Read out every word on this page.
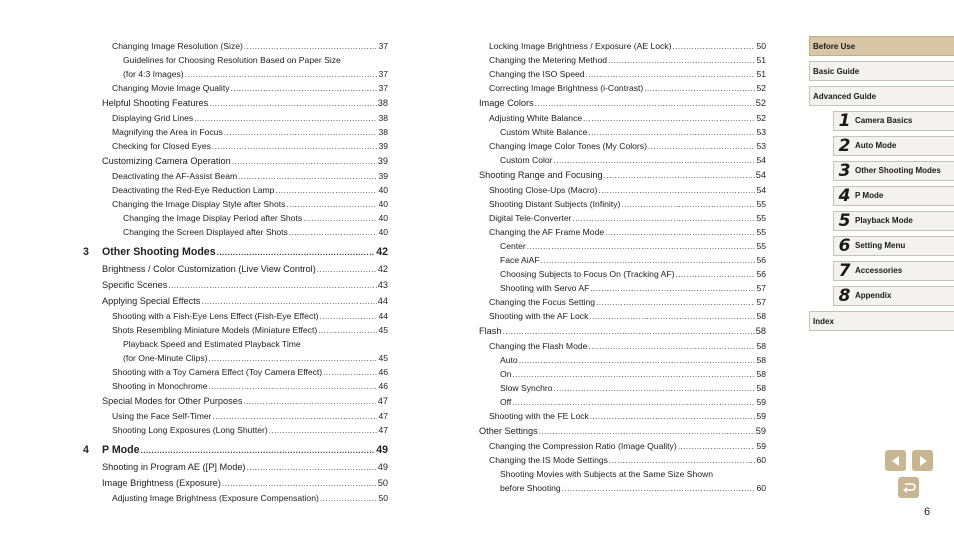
Changing Image Resolution (Size) .....	37
Guidelines for Choosing Resolution Based on Paper Size
(for 4:3 Images) .....	37
Changing Movie Image Quality .....	37
Helpful Shooting Features .....	38
Displaying Grid Lines .....	38
Magnifying the Area in Focus .....	38
Checking for Closed Eyes .....	39
Customizing Camera Operation .....	39
Deactivating the AF-Assist Beam .....	39
Deactivating the Red-Eye Reduction Lamp .....	40
Changing the Image Display Style after Shots .....	40
Changing the Image Display Period after Shots .....	40
Changing the Screen Displayed after Shots .....	40
3	Other Shooting Modes .....	42
Brightness / Color Customization (Live View Control) .....	42
Specific Scenes .....	43
Applying Special Effects .....	44
Shooting with a Fish-Eye Lens Effect (Fish-Eye Effect) .....	44
Shots Resembling Miniature Models (Miniature Effect) .....	45
Playback Speed and Estimated Playback Time
(for One-Minute Clips) .....	45
Shooting with a Toy Camera Effect (Toy Camera Effect) .....	46
Shooting in Monochrome .....	46
Special Modes for Other Purposes .....	47
Using the Face Self-Timer .....	47
Shooting Long Exposures (Long Shutter) .....	47
4	P Mode .....	49
Shooting in Program AE ([P] Mode) .....	49
Image Brightness (Exposure) .....	50
Adjusting Image Brightness (Exposure Compensation) .....	50
Locking Image Brightness / Exposure (AE Lock) .....	50
Changing the Metering Method .....	51
Changing the ISO Speed .....	51
Correcting Image Brightness (i-Contrast) .....	52
Image Colors .....	52
Adjusting White Balance .....	52
Custom White Balance .....	53
Changing Image Color Tones (My Colors) .....	53
Custom Color .....	54
Shooting Range and Focusing .....	54
Shooting Close-Ups (Macro) .....	54
Shooting Distant Subjects (Infinity) .....	55
Digital Tele-Converter .....	55
Changing the AF Frame Mode .....	55
Center .....	55
Face AiAF .....	56
Choosing Subjects to Focus On (Tracking AF) .....	56
Shooting with Servo AF .....	57
Changing the Focus Setting .....	57
Shooting with the AF Lock .....	58
Flash .....	58
Changing the Flash Mode .....	58
Auto .....	58
On .....	58
Slow Synchro .....	58
Off .....	59
Shooting with the FE Lock .....	59
Other Settings .....	59
Changing the Compression Ratio (Image Quality) .....	59
Changing the IS Mode Settings .....	60
Shooting Movies with Subjects at the Same Size Shown
before Shooting .....	60
Before Use
Basic Guide
Advanced Guide
1 Camera Basics
2 Auto Mode
3 Other Shooting Modes
4 P Mode
5 Playback Mode
6 Setting Menu
7 Accessories
8 Appendix
Index
6
